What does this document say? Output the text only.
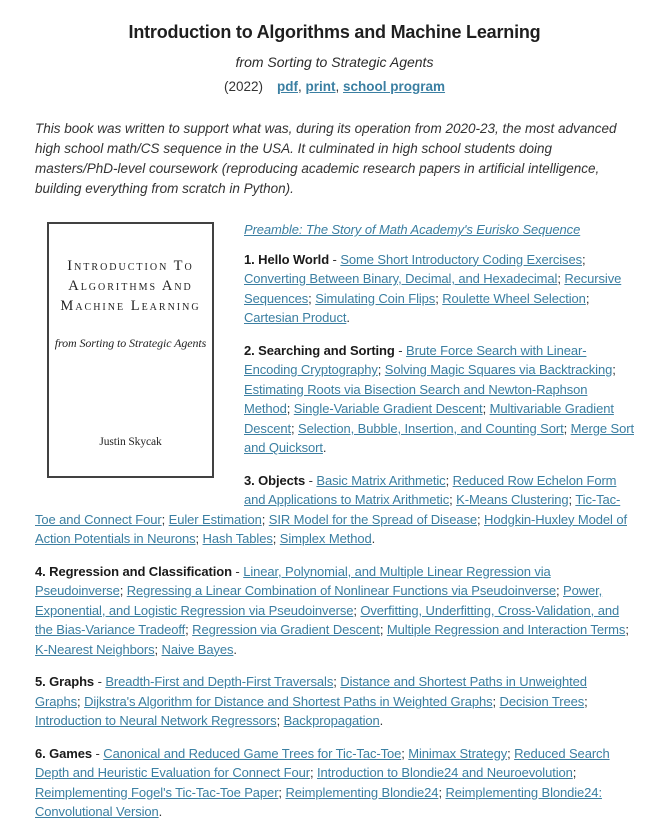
Introduction to Algorithms and Machine Learning
from Sorting to Strategic Agents
(2022) pdf, print, school program

This book was written to support what was, during its operation from 2020-23, the most advanced high school math/CS sequence in the USA. It culminated in high school students doing masters/PhD-level coursework (reproducing academic research papers in artificial intelligence, building everything from scratch in Python).

Introduction To
Algorithms And
Machine Learning
from Sorting to Strategic Agents
Justin Skycak

Preamble: The Story of Math Academy's Eurisko Sequence

1. Hello World - Some Short Introductory Coding Exercises; Converting Between Binary, Decimal, and Hexadecimal; Recursive Sequences; Simulating Coin Flips; Roulette Wheel Selection; Cartesian Product.

2. Searching and Sorting - Brute Force Search with Linear-Encoding Cryptography; Solving Magic Squares via Backtracking; Estimating Roots via Bisection Search and Newton-Raphson Method; Single-Variable Gradient Descent; Multivariable Gradient Descent; Selection, Bubble, Insertion, and Counting Sort; Merge Sort and Quicksort.

3. Objects - Basic Matrix Arithmetic; Reduced Row Echelon Form and Applications to Matrix Arithmetic; K-Means Clustering; Tic-Tac-Toe and Connect Four; Euler Estimation; SIR Model for the Spread of Disease; Hodgkin-Huxley Model of Action Potentials in Neurons; Hash Tables; Simplex Method.

4. Regression and Classification - Linear, Polynomial, and Multiple Linear Regression via Pseudoinverse; Regressing a Linear Combination of Nonlinear Functions via Pseudoinverse; Power, Exponential, and Logistic Regression via Pseudoinverse; Overfitting, Underfitting, Cross-Validation, and the Bias-Variance Tradeoff; Regression via Gradient Descent; Multiple Regression and Interaction Terms; K-Nearest Neighbors; Naive Bayes.

5. Graphs - Breadth-First and Depth-First Traversals; Distance and Shortest Paths in Unweighted Graphs; Dijkstra's Algorithm for Distance and Shortest Paths in Weighted Graphs; Decision Trees; Introduction to Neural Network Regressors; Backpropagation.

6. Games - Canonical and Reduced Game Trees for Tic-Tac-Toe; Minimax Strategy; Reduced Search Depth and Heuristic Evaluation for Connect Four; Introduction to Blondie24 and Neuroevolution; Reimplementing Fogel's Tic-Tac-Toe Paper; Reimplementing Blondie24; Reimplementing Blondie24: Convolutional Version.
